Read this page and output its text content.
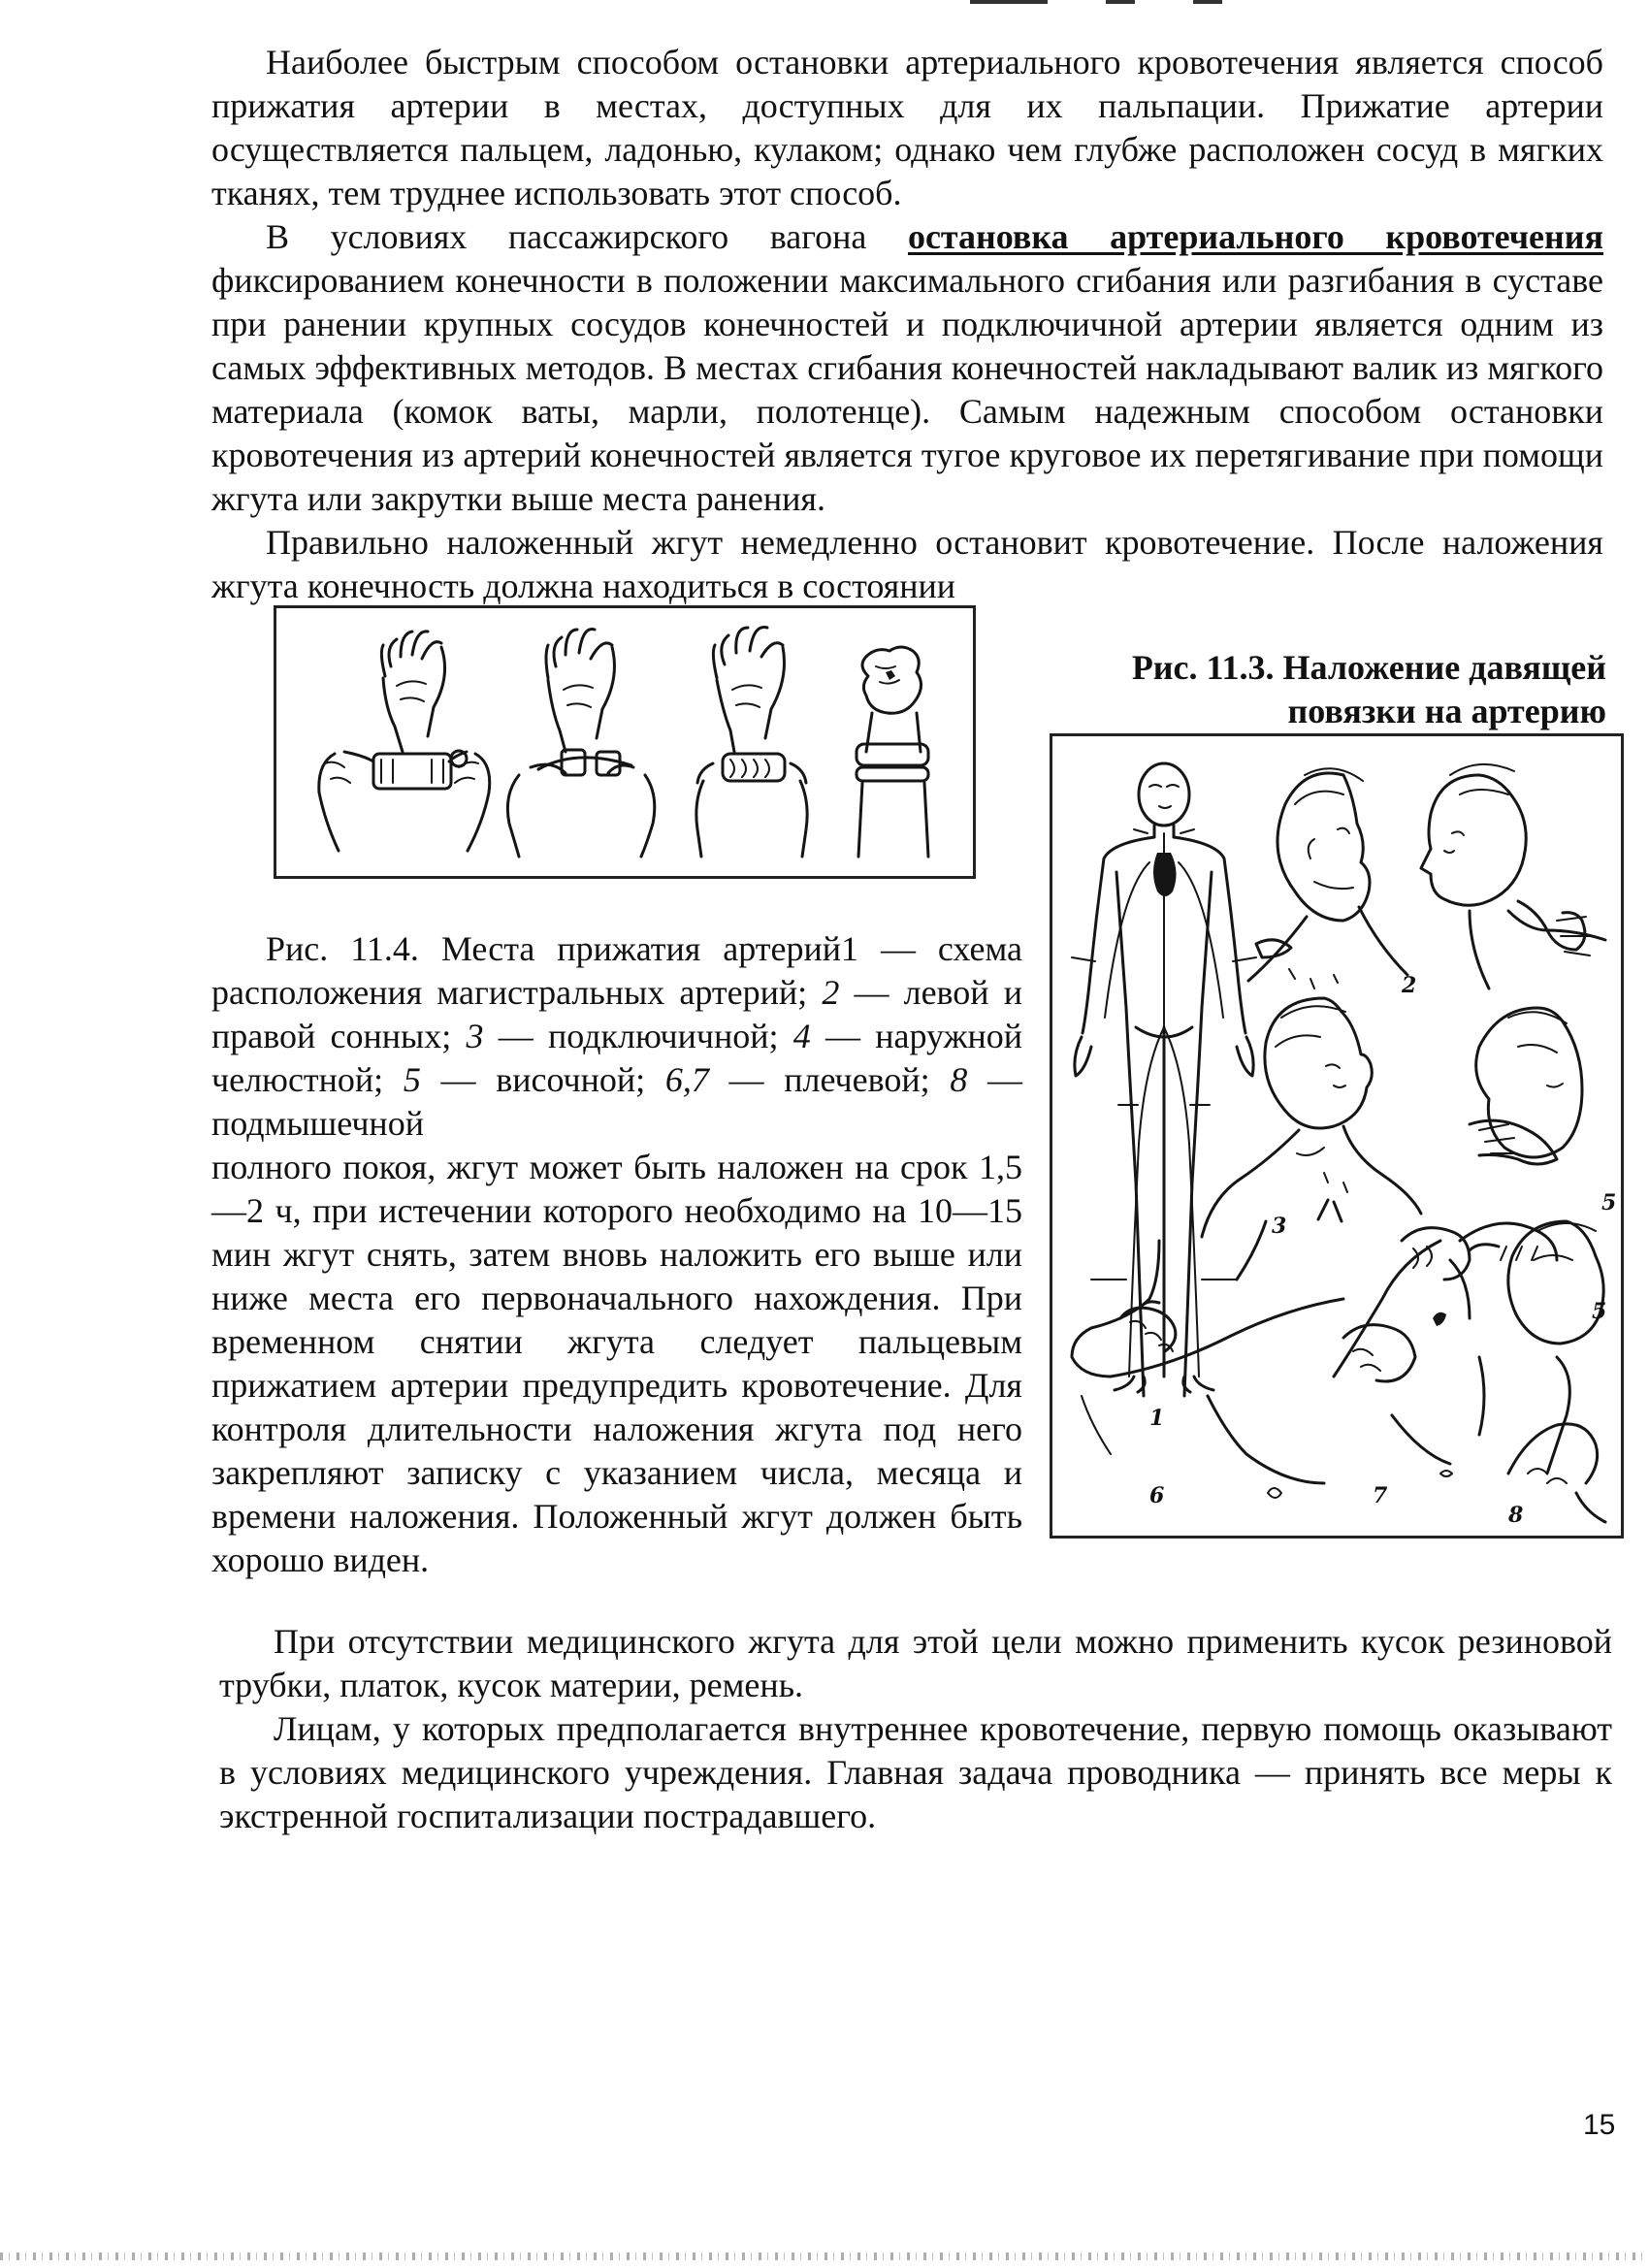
Наиболее быстрым способом остановки артериального кровотечения является способ прижатия артерии в местах, доступных для их пальпации. Прижатие артерии осуществляется пальцем, ладонью, кулаком; однако чем глубже расположен сосуд в мягких тканях, тем труднее использовать этот способ.

В условиях пассажирского вагона остановка артериального кровотечения фиксированием конечности в положении максимального сгибания или разгибания в суставе при ранении крупных сосудов конечностей и подключичной артерии является одним из самых эффективных методов. В местах сгибания конечностей накладывают валик из мягкого материала (комок ваты, марли, полотенце). Самым надежным способом остановки кровотечения из артерий конечностей является тугое круговое их перетягивание при помощи жгута или закрутки выше места ранения.

Правильно наложенный жгут немедленно остановит кровотечение. После наложения жгута конечность должна находиться в состоянии

Рис. 11.3. Наложение давящей повязки на артерию
1
2
3
5
6	7
8
5

Рис. 11.4. Места прижатия артерий1 — схема расположения магистральных артерий; 2 — левой и правой сонных; 3 — подключичной; 4 — наружной челюстной; 5 — височной; 6,7 — плечевой; 8 — подмышечной

полного покоя, жгут может быть наложен на срок 1,5—2 ч, при истечении которого необходимо на 10—15 мин жгут снять, затем вновь наложить его выше или ниже места его первоначального нахождения. При временном снятии жгута следует пальцевым прижатием артерии предупредить кровотечение. Для контроля длительности наложения жгута под него закрепляют записку с указанием числа, месяца и времени наложения. Положенный жгут должен быть хорошо виден.

При отсутствии медицинского жгута для этой цели можно применить кусок резиновой трубки, платок, кусок материи, ремень.

Лицам, у которых предполагается внутреннее кровотечение, первую помощь оказывают в условиях медицинского учреждения. Главная задача проводника — принять все меры к экстренной госпитализации пострадавшего.

15
